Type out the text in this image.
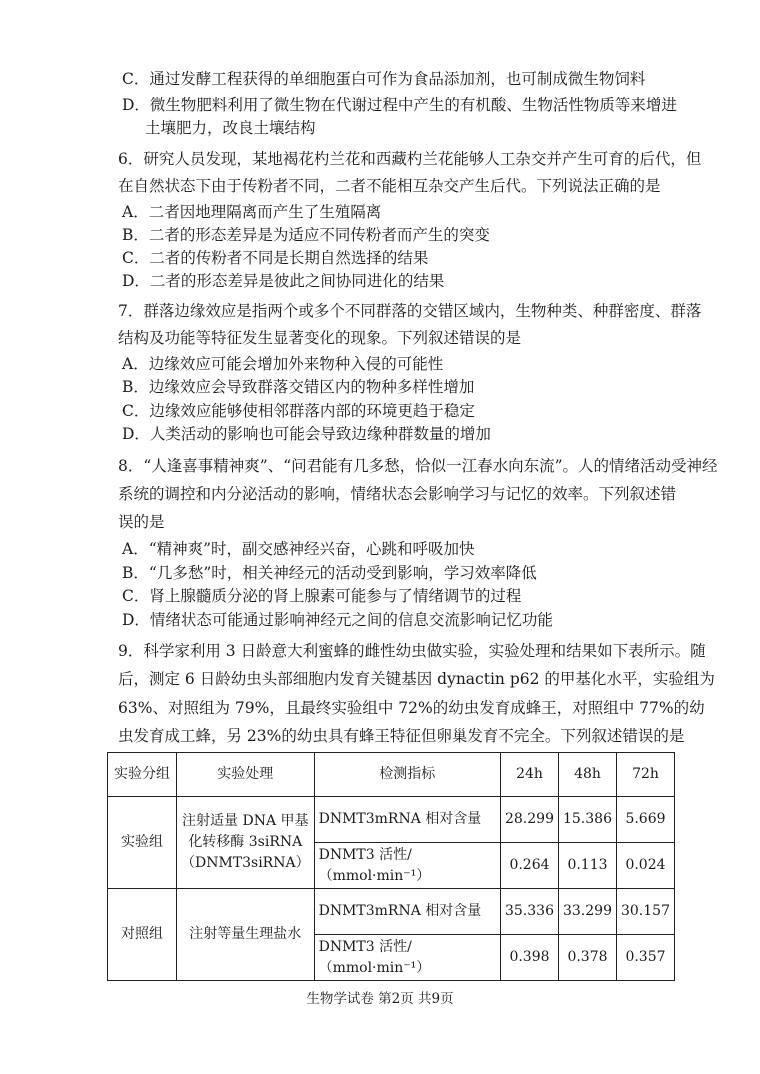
C．通过发酵工程获得的单细胞蛋白可作为食品添加剂，也可制成微生物饲料
D．微生物肥料利用了微生物在代谢过程中产生的有机酸、生物活性物质等来增进
土壤肥力，改良土壤结构
6．研究人员发现，某地褐花杓兰花和西藏杓兰花能够人工杂交并产生可育的后代，但
在自然状态下由于传粉者不同，二者不能相互杂交产生后代。下列说法正确的是
A．二者因地理隔离而产生了生殖隔离
B．二者的形态差异是为适应不同传粉者而产生的突变
C．二者的传粉者不同是长期自然选择的结果
D．二者的形态差异是彼此之间协同进化的结果
7．群落边缘效应是指两个或多个不同群落的交错区域内，生物种类、种群密度、群落
结构及功能等特征发生显著变化的现象。下列叙述错误的是
A．边缘效应可能会增加外来物种入侵的可能性
B．边缘效应会导致群落交错区内的物种多样性增加
C．边缘效应能够使相邻群落内部的环境更趋于稳定
D．人类活动的影响也可能会导致边缘种群数量的增加
8．“人逢喜事精神爽”、“问君能有几多愁，恰似一江春水向东流”。人的情绪活动受神经
系统的调控和内分泌活动的影响，情绪状态会影响学习与记忆的效率。下列叙述错
误的是
A．“精神爽”时，副交感神经兴奋，心跳和呼吸加快
B．“几多愁”时，相关神经元的活动受到影响，学习效率降低
C．肾上腺髓质分泌的肾上腺素可能参与了情绪调节的过程
D．情绪状态可能通过影响神经元之间的信息交流影响记忆功能
9．科学家利用 3 日龄意大利蜜蜂的雌性幼虫做实验，实验处理和结果如下表所示。随
后，测定 6 日龄幼虫头部细胞内发育关键基因 dynactin p62 的甲基化水平，实验组为
63%、对照组为 79%，且最终实验组中 72%的幼虫发育成蜂王，对照组中 77%的幼
虫发育成工蜂，另 23%的幼虫具有蜂王特征但卵巢发育不完全。下列叙述错误的是
实验分组	实验处理	检测指标	24h	48h	72h
实验组	注射适量 DNA 甲基
化转移酶 3siRNA
（DNMT3siRNA）	DNMT3mRNA 相对含量	28.299	15.386	5.669
		DNMT3 活性/（mmol·min⁻¹）	0.264	0.113	0.024
对照组	注射等量生理盐水	DNMT3mRNA 相对含量	35.336	33.299	30.157
		DNMT3 活性/（mmol·min⁻¹）	0.398	0.378	0.357
生物学试卷 第2页 共9页
